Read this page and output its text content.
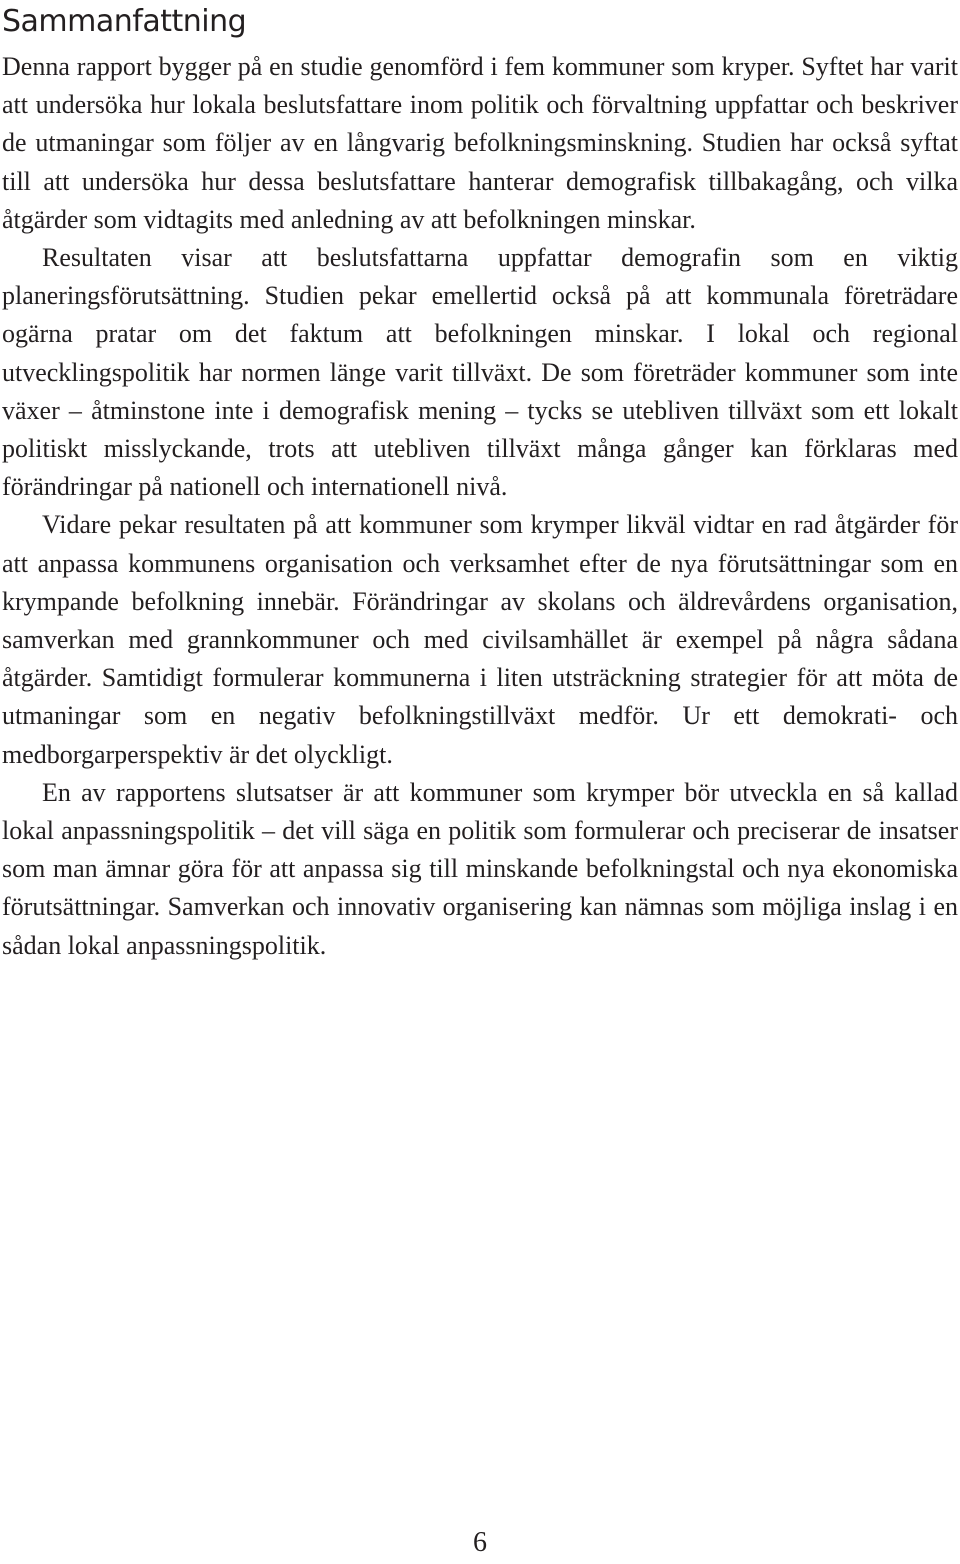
Sammanfattning

Denna rapport bygger på en studie genomförd i fem kommuner som kryper. Syftet har varit att undersöka hur lokala beslutsfattare inom politik och förvaltning uppfattar och beskriver de utmaningar som följer av en långvarig befolkningsminskning. Studien har också syftat till att undersöka hur dessa beslutsfattare hanterar demografisk tillbakagång, och vilka åtgärder som vidtagits med anledning av att befolkningen minskar.

Resultaten visar att beslutsfattarna uppfattar demografin som en viktig planeringsförutsättning. Studien pekar emellertid också på att kommunala företrädare ogärna pratar om det faktum att befolkningen minskar. I lokal och regional utvecklingspolitik har normen länge varit tillväxt. De som företräder kommuner som inte växer – åtminstone inte i demografisk mening – tycks se utebliven tillväxt som ett lokalt politiskt misslyckande, trots att utebliven tillväxt många gånger kan förklaras med förändringar på nationell och internationell nivå.

Vidare pekar resultaten på att kommuner som krymper likväl vidtar en rad åtgärder för att anpassa kommunens organisation och verksamhet efter de nya förutsättningar som en krympande befolkning innebär. Förändringar av skolans och äldrevårdens organisation, samverkan med grannkommuner och med civilsamhället är exempel på några sådana åtgärder. Samtidigt formulerar kommunerna i liten utsträckning strategier för att möta de utmaningar som en negativ befolkningstillväxt medför. Ur ett demokrati- och medborgarperspektiv är det olyckligt.

En av rapportens slutsatser är att kommuner som krymper bör utveckla en så kallad lokal anpassningspolitik – det vill säga en politik som formulerar och preciserar de insatser som man ämnar göra för att anpassa sig till minskande befolkningstal och nya ekonomiska förutsättningar. Samverkan och innovativ organisering kan nämnas som möjliga inslag i en sådan lokal anpassningspolitik.

6
